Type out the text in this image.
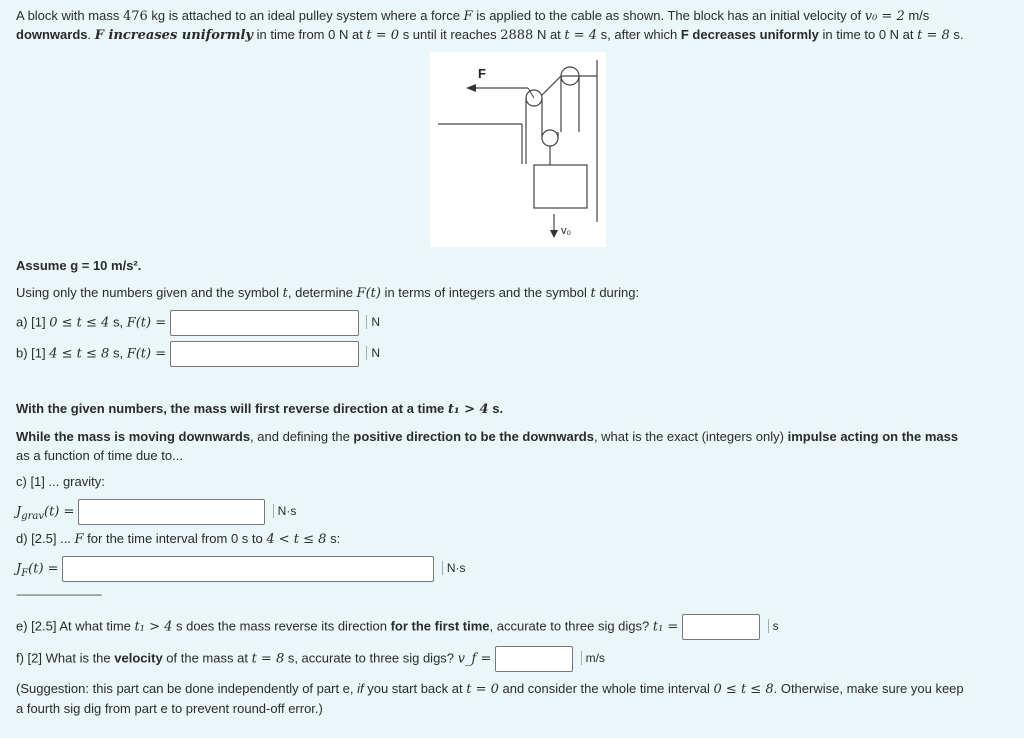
A block with mass 476 kg is attached to an ideal pulley system where a force F is applied to the cable as shown. The block has an initial velocity of v₀ = 2 m/s
downwards. F increases uniformly in time from 0 N at t = 0 s until it reaches 2888 N at t = 4 s, after which F decreases uniformly in time to 0 N at t = 8 s.
F
v₀
Assume g = 10 m/s².
Using only the numbers given and the symbol t, determine F(t) in terms of integers and the symbol t during:
a) [1] 0 ≤ t ≤ 4 s, F(t) =	N
b) [1] 4 ≤ t ≤ 8 s, F(t) =	N
With the given numbers, the mass will first reverse direction at a time t₁ > 4 s.
While the mass is moving downwards, and defining the positive direction to be the downwards, what is the exact (integers only) impulse acting on the mass
as a function of time due to...
c) [1] ... gravity:
$J_{grav}(t)$ =	N·s
d) [2.5] ... F for the time interval from 0 s to 4 < t ≤ 8 s:
$J_F(t)$ =	N·s
--------------------------------
e) [2.5] At what time t₁ > 4 s does the mass reverse its direction for the first time, accurate to three sig digs? t₁ =	s
f) [2] What is the velocity of the mass at t = 8 s, accurate to three sig digs? v_f =	m/s
(Suggestion: this part can be done independently of part e, if you start back at t = 0 and consider the whole time interval 0 ≤ t ≤ 8. Otherwise, make sure you keep
a fourth sig dig from part e to prevent round-off error.)
